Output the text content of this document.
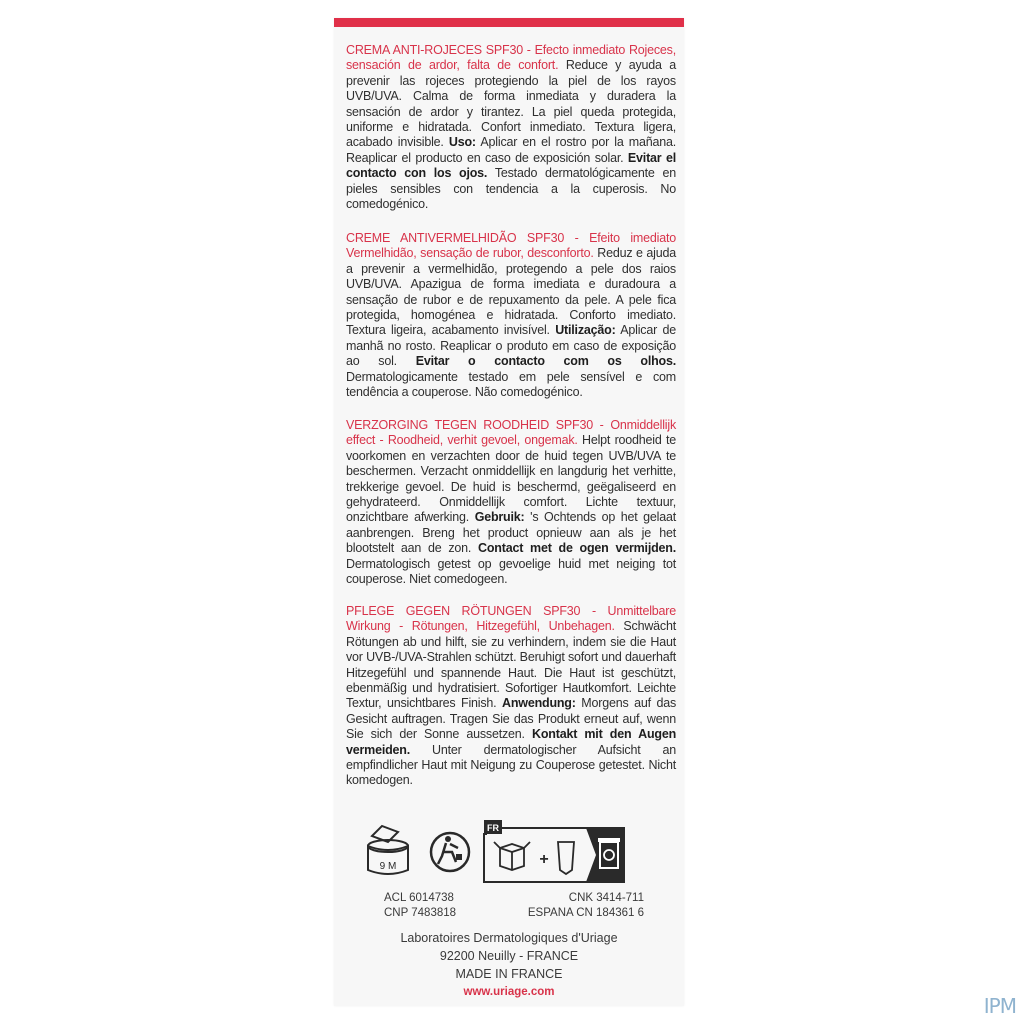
CREMA ANTI-ROJECES SPF30 - Efecto inmediato Rojeces, sensación de ardor, falta de confort. Reduce y ayuda a prevenir las rojeces protegiendo la piel de los rayos UVB/UVA. Calma de forma inmediata y duradera la sensación de ardor y tirantez. La piel queda protegida, uniforme e hidratada. Confort inmediato. Textura ligera, acabado invisible. Uso: Aplicar en el rostro por la mañana. Reaplicar el producto en caso de exposición solar. Evitar el contacto con los ojos. Testado dermatológicamente en pieles sensibles con tendencia a la cuperosis. No comedogénico.
CREME ANTIVERMELHIDÃO SPF30 - Efeito imediato Vermelhidão, sensação de rubor, desconforto. Reduz e ajuda a prevenir a vermelhidão, protegendo a pele dos raios UVB/UVA. Apazigua de forma imediata e duradoura a sensação de rubor e de repuxamento da pele. A pele fica protegida, homogénea e hidratada. Conforto imediato. Textura ligeira, acabamento invisível. Utilização: Aplicar de manhã no rosto. Reaplicar o produto em caso de exposição ao sol. Evitar o contacto com os olhos. Dermatologicamente testado em pele sensível e com tendência a couperose. Não comedogénico.
VERZORGING TEGEN ROODHEID SPF30 - Onmiddellijk effect - Roodheid, verhit gevoel, ongemak. Helpt roodheid te voorkomen en verzachten door de huid tegen UVB/UVA te beschermen. Verzacht onmiddellijk en langdurig het verhitte, trekkerige gevoel. De huid is beschermd, geëgaliseerd en gehydrateerd. Onmiddellijk comfort. Lichte textuur, onzichtbare afwerking. Gebruik: 's Ochtends op het gelaat aanbrengen. Breng het product opnieuw aan als je het blootstelt aan de zon. Contact met de ogen vermijden. Dermatologisch getest op gevoelige huid met neiging tot couperose. Niet comedogeen.
PFLEGE GEGEN RÖTUNGEN SPF30 - Unmittelbare Wirkung - Rötungen, Hitzegefühl, Unbehagen. Schwächt Rötungen ab und hilft, sie zu verhindern, indem sie die Haut vor UVB-/UVA-Strahlen schützt. Beruhigt sofort und dauerhaft Hitzegefühl und spannende Haut. Die Haut ist geschützt, ebenmäßig und hydratisiert. Sofortiger Hautkomfort. Leichte Textur, unsichtbares Finish. Anwendung: Morgens auf das Gesicht auftragen. Tragen Sie das Produkt erneut auf, wenn Sie sich der Sonne aussetzen. Kontakt mit den Augen vermeiden. Unter dermatologischer Aufsicht an empfindlicher Haut mit Neigung zu Couperose getestet. Nicht komedogen.
9 M
FR
+
ACL 6014738	CNK 3414-711
CNP 7483818	ESPANA CN 184361 6
Laboratoires Dermatologiques d'Uriage
92200 Neuilly - FRANCE
MADE IN FRANCE
www.uriage.com
IPM
